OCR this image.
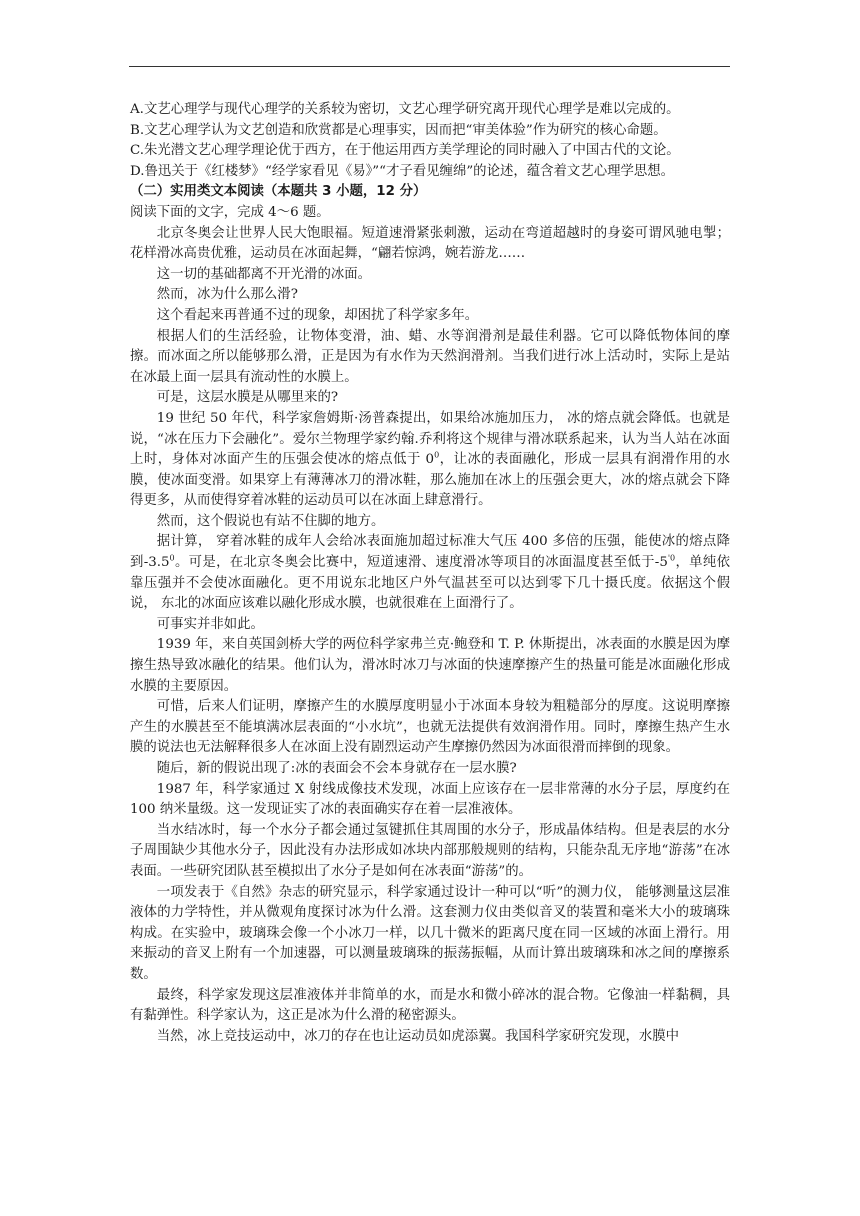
A.文艺心理学与现代心理学的关系较为密切，文艺心理学研究离开现代心理学是难以完成的。

B.文艺心理学认为文艺创造和欣赏都是心理事实，因而把“审美体验”作为研究的核心命题。

C.朱光潜文艺心理学理论优于西方，在于他运用西方美学理论的同时融入了中国古代的文论。

D.鲁迅关于《红楼梦》“经学家看见《易》”“才子看见缠绵”的论述，蕴含着文艺心理学思想。

（二）实用类文本阅读（本题共 3 小题，12 分）

阅读下面的文字，完成 4～6 题。

北京冬奥会让世界人民大饱眼福。短道速滑紧张刺激，运动在弯道超越时的身姿可谓风驰电掣；花样滑冰高贵优雅，运动员在冰面起舞，“翩若惊鸿，婉若游龙……

这一切的基础都离不开光滑的冰面。

然而，冰为什么那么滑?

这个看起来再普通不过的现象，却困扰了科学家多年。

根据人们的生活经验，让物体变滑，油、蜡、水等润滑剂是最佳利器。它可以降低物体间的摩擦。而冰面之所以能够那么滑，正是因为有水作为天然润滑剂。当我们进行冰上活动时，实际上是站在冰最上面一层具有流动性的水膜上。

可是，这层水膜是从哪里来的?

19 世纪 50 年代，科学家詹姆斯·汤普森提出，如果给冰施加压力， 冰的熔点就会降低。也就是说，“冰在压力下会融化”。爱尔兰物理学家约翰.乔利将这个规律与滑冰联系起来，认为当人站在冰面上时，身体对冰面产生的压强会使冰的熔点低于 $0^0$，让冰的表面融化，形成一层具有润滑作用的水膜，使冰面变滑。如果穿上有薄薄冰刀的滑冰鞋，那么施加在冰上的压强会更大，冰的熔点就会下降得更多，从而使得穿着冰鞋的运动员可以在冰面上肆意滑行。

然而，这个假说也有站不住脚的地方。

据计算， 穿着冰鞋的成年人会给冰表面施加超过标准大气压 400 多倍的压强，能使冰的熔点降到$-3.5^0$。可是，在北京冬奥会比赛中，短道速滑、速度滑冰等项目的冰面温度甚至低于$-5^{'0}$，单纯依靠压强并不会使冰面融化。更不用说东北地区户外气温甚至可以达到零下几十摄氏度。依据这个假说， 东北的冰面应该难以融化形成水膜，也就很难在上面滑行了。

可事实并非如此。

1939 年，来自英国剑桥大学的两位科学家弗兰克·鲍登和 T. P. 休斯提出，冰表面的水膜是因为摩擦生热导致冰融化的结果。他们认为，滑冰时冰刀与冰面的快速摩擦产生的热量可能是冰面融化形成水膜的主要原因。

可惜，后来人们证明，摩擦产生的水膜厚度明显小于冰面本身较为粗糙部分的厚度。这说明摩擦产生的水膜甚至不能填满冰层表面的“小水坑”，也就无法提供有效润滑作用。同时，摩擦生热产生水膜的说法也无法解释很多人在冰面上没有剧烈运动产生摩擦仍然因为冰面很滑而摔倒的现象。

随后，新的假说出现了:冰的表面会不会本身就存在一层水膜?

1987 年，科学家通过 X 射线成像技术发现，冰面上应该存在一层非常薄的水分子层，厚度约在 100 纳米量级。这一发现证实了冰的表面确实存在着一层准液体。

当水结冰时，每一个水分子都会通过氢键抓住其周围的水分子，形成晶体结构。但是表层的水分子周围缺少其他水分子，因此没有办法形成如冰块内部那般规则的结构，只能杂乱无序地“游荡”在冰表面。一些研究团队甚至模拟出了水分子是如何在冰表面“游荡”的。

一项发表于《自然》杂志的研究显示，科学家通过设计一种可以“听”的测力仪， 能够测量这层准液体的力学特性，并从微观角度探讨冰为什么滑。这套测力仪由类似音叉的装置和毫米大小的玻璃珠构成。在实验中，玻璃珠会像一个小冰刀一样，以几十微米的距离尺度在同一区域的冰面上滑行。用来振动的音叉上附有一个加速器，可以测量玻璃珠的振荡振幅，从而计算出玻璃珠和冰之间的摩擦系数。

最终，科学家发现这层准液体并非简单的水，而是水和微小碎冰的混合物。它像油一样黏稠，具有黏弹性。科学家认为，这正是冰为什么滑的秘密源头。

当然，冰上竞技运动中，冰刀的存在也让运动员如虎添翼。我国科学家研究发现，水膜中
